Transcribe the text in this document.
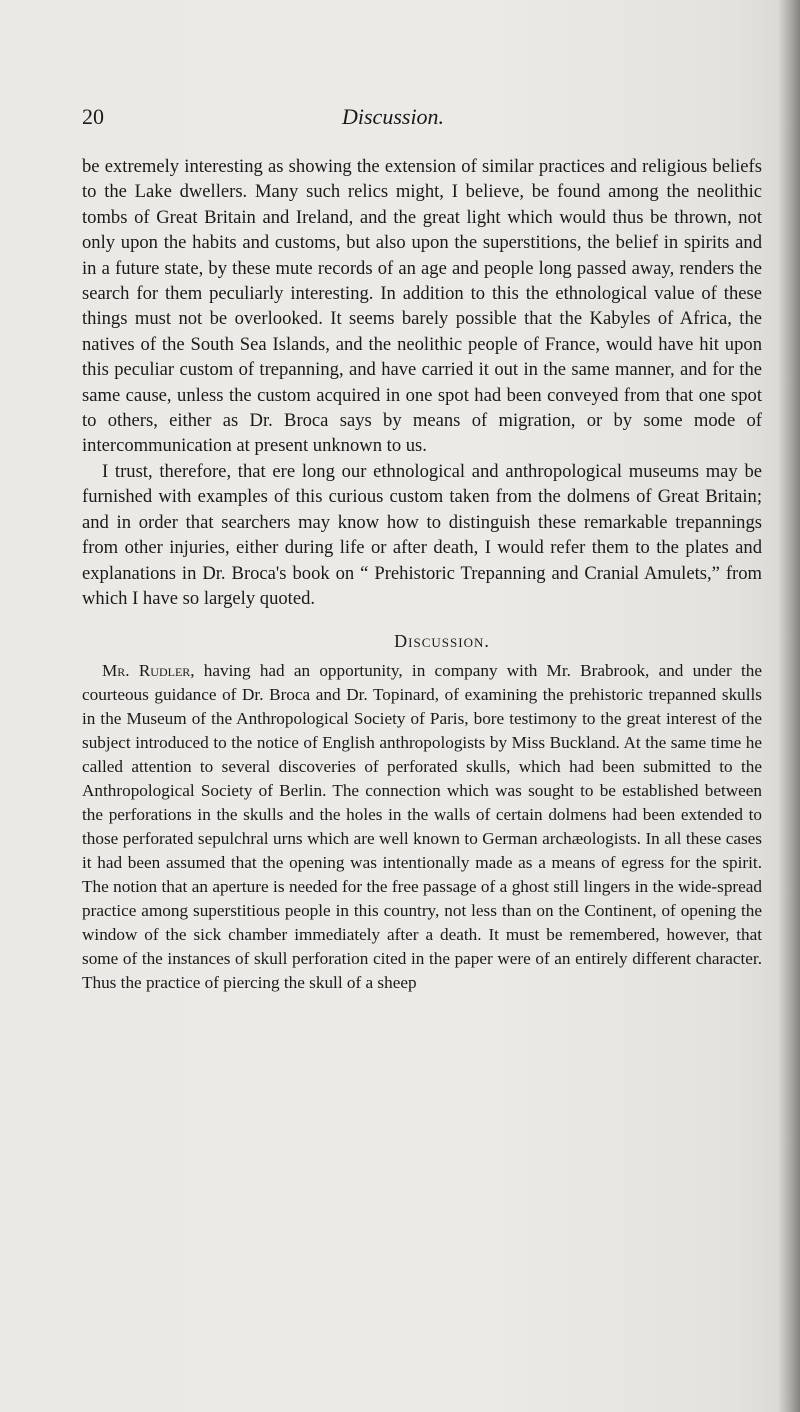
20	Discussion.

be extremely interesting as showing the extension of similar practices and religious beliefs to the Lake dwellers. Many such relics might, I believe, be found among the neolithic tombs of Great Britain and Ireland, and the great light which would thus be thrown, not only upon the habits and customs, but also upon the superstitions, the belief in spirits and in a future state, by these mute records of an age and people long passed away, renders the search for them peculiarly interesting. In addition to this the ethnological value of these things must not be overlooked. It seems barely possible that the Kabyles of Africa, the natives of the South Sea Islands, and the neolithic people of France, would have hit upon this peculiar custom of trepanning, and have carried it out in the same manner, and for the same cause, unless the custom acquired in one spot had been conveyed from that one spot to others, either as Dr. Broca says by means of migration, or by some mode of intercommunication at present unknown to us.

I trust, therefore, that ere long our ethnological and anthropological museums may be furnished with examples of this curious custom taken from the dolmens of Great Britain; and in order that searchers may know how to distinguish these remarkable trepannings from other injuries, either during life or after death, I would refer them to the plates and explanations in Dr. Broca's book on “ Prehistoric Trepanning and Cranial Amulets,” from which I have so largely quoted.

Discussion.

Mr. Rudler, having had an opportunity, in company with Mr. Brabrook, and under the courteous guidance of Dr. Broca and Dr. Topinard, of examining the prehistoric trepanned skulls in the Museum of the Anthropological Society of Paris, bore testimony to the great interest of the subject introduced to the notice of English anthropologists by Miss Buckland. At the same time he called attention to several discoveries of perforated skulls, which had been submitted to the Anthropological Society of Berlin. The connection which was sought to be established between the perforations in the skulls and the holes in the walls of certain dolmens had been extended to those perforated sepulchral urns which are well known to German archæologists. In all these cases it had been assumed that the opening was intentionally made as a means of egress for the spirit. The notion that an aperture is needed for the free passage of a ghost still lingers in the wide-spread practice among superstitious people in this country, not less than on the Continent, of opening the window of the sick chamber immediately after a death. It must be remembered, however, that some of the instances of skull perforation cited in the paper were of an entirely different character. Thus the practice of piercing the skull of a sheep
